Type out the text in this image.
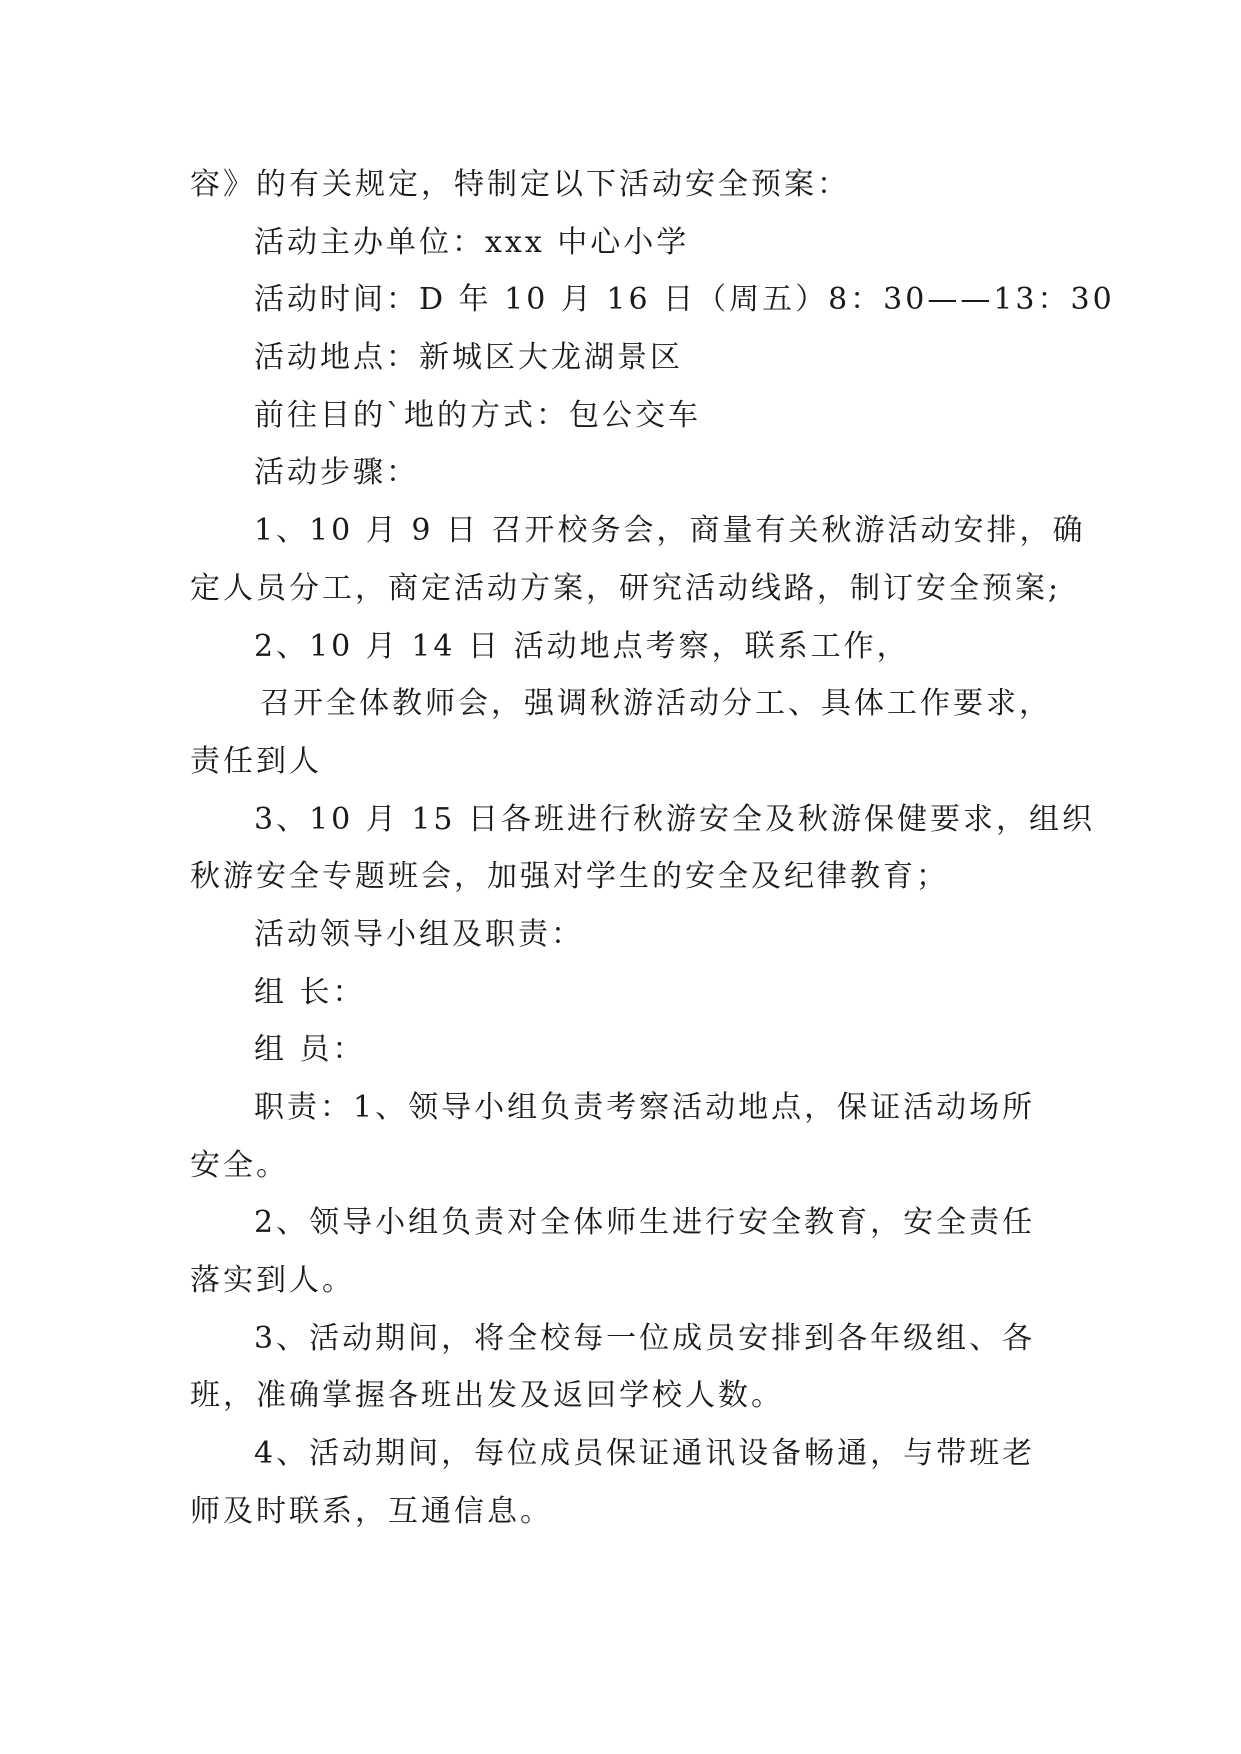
容》的有关规定，特制定以下活动安全预案：
活动主办单位：xxx 中心小学
活动时间：D 年 10 月 16 日（周五）8：30——13：30
活动地点：新城区大龙湖景区
前往目的`地的方式：包公交车
活动步骤：
1、10 月 9 日 召开校务会，商量有关秋游活动安排，确
定人员分工，商定活动方案，研究活动线路，制订安全预案;
2、10 月 14 日 活动地点考察，联系工作，
召开全体教师会，强调秋游活动分工、具体工作要求，
责任到人
3、10 月 15 日各班进行秋游安全及秋游保健要求，组织
秋游安全专题班会，加强对学生的安全及纪律教育；
活动领导小组及职责：
组 长：
组 员：
职责：1、领导小组负责考察活动地点，保证活动场所
安全。
2、领导小组负责对全体师生进行安全教育，安全责任
落实到人。
3、活动期间，将全校每一位成员安排到各年级组、各
班，准确掌握各班出发及返回学校人数。
4、活动期间，每位成员保证通讯设备畅通，与带班老
师及时联系，互通信息。
